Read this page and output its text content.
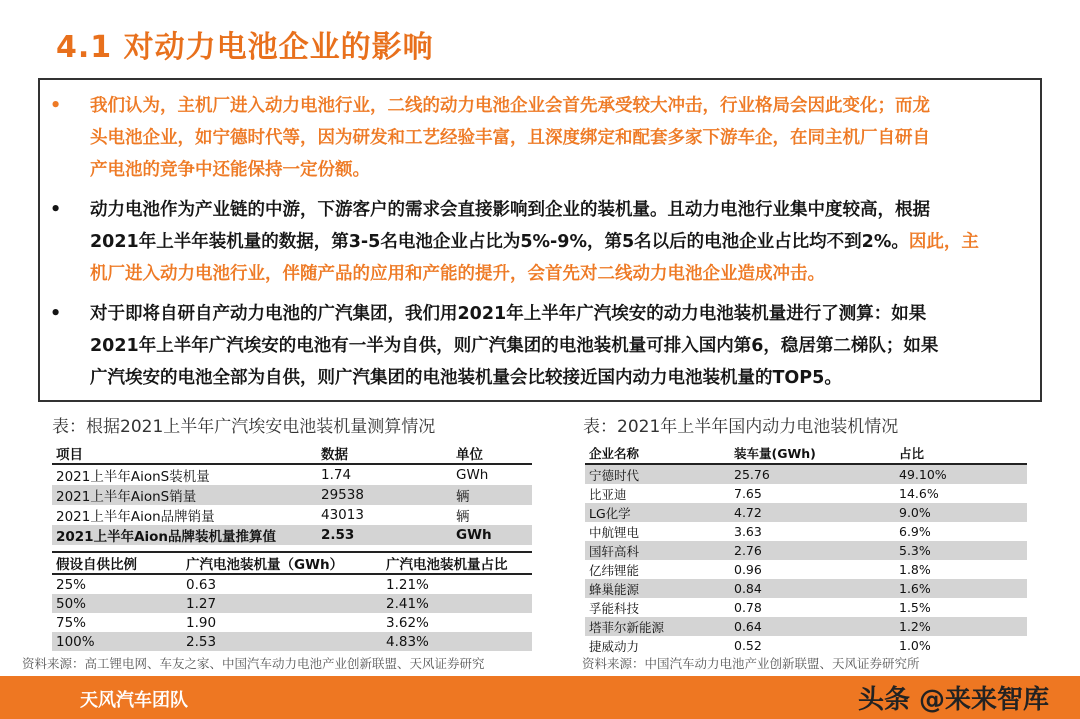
4.1 对动力电池企业的影响
•	我们认为，主机厂进入动力电池行业，二线的动力电池企业会首先承受较大冲击，行业格局会因此变化；而龙
头电池企业，如宁德时代等，因为研发和工艺经验丰富，且深度绑定和配套多家下游车企，在同主机厂自研自
产电池的竞争中还能保持一定份额。
•	动力电池作为产业链的中游，下游客户的需求会直接影响到企业的装机量。且动力电池行业集中度较高，根据
2021年上半年装机量的数据，第3-5名电池企业占比为5%-9%，第5名以后的电池企业占比均不到2%。因此，主
机厂进入动力电池行业，伴随产品的应用和产能的提升，会首先对二线动力电池企业造成冲击。
•	对于即将自研自产动力电池的广汽集团，我们用2021年上半年广汽埃安的动力电池装机量进行了测算：如果
2021年上半年广汽埃安的电池有一半为自供，则广汽集团的电池装机量可排入国内第6，稳居第二梯队；如果
广汽埃安的电池全部为自供，则广汽集团的电池装机量会比较接近国内动力电池装机量的TOP5。
表：根据2021上半年广汽埃安电池装机量测算情况
项目	数据	单位
2021上半年AionS装机量	1.74	GWh
2021上半年AionS销量	29538	辆
2021上半年Aion品牌销量	43013	辆
2021上半年Aion品牌装机量推算值	2.53	GWh
假设自供比例	广汽电池装机量（GWh）	广汽电池装机量占比
25%	0.63	1.21%
50%	1.27	2.41%
75%	1.90	3.62%
100%	2.53	4.83%
资料来源：高工锂电网、车友之家、中国汽车动力电池产业创新联盟、天风证券研究
表：2021年上半年国内动力电池装机情况
企业名称	装车量(GWh)	占比
宁德时代	25.76	49.10%
比亚迪	7.65	14.6%
LG化学	4.72	9.0%
中航锂电	3.63	6.9%
国轩高科	2.76	5.3%
亿纬锂能	0.96	1.8%
蜂巢能源	0.84	1.6%
孚能科技	0.78	1.5%
塔菲尔新能源	0.64	1.2%
捷威动力	0.52	1.0%
资料来源：中国汽车动力电池产业创新联盟、天风证券研究所
天风汽车团队	头条 @来来智库
